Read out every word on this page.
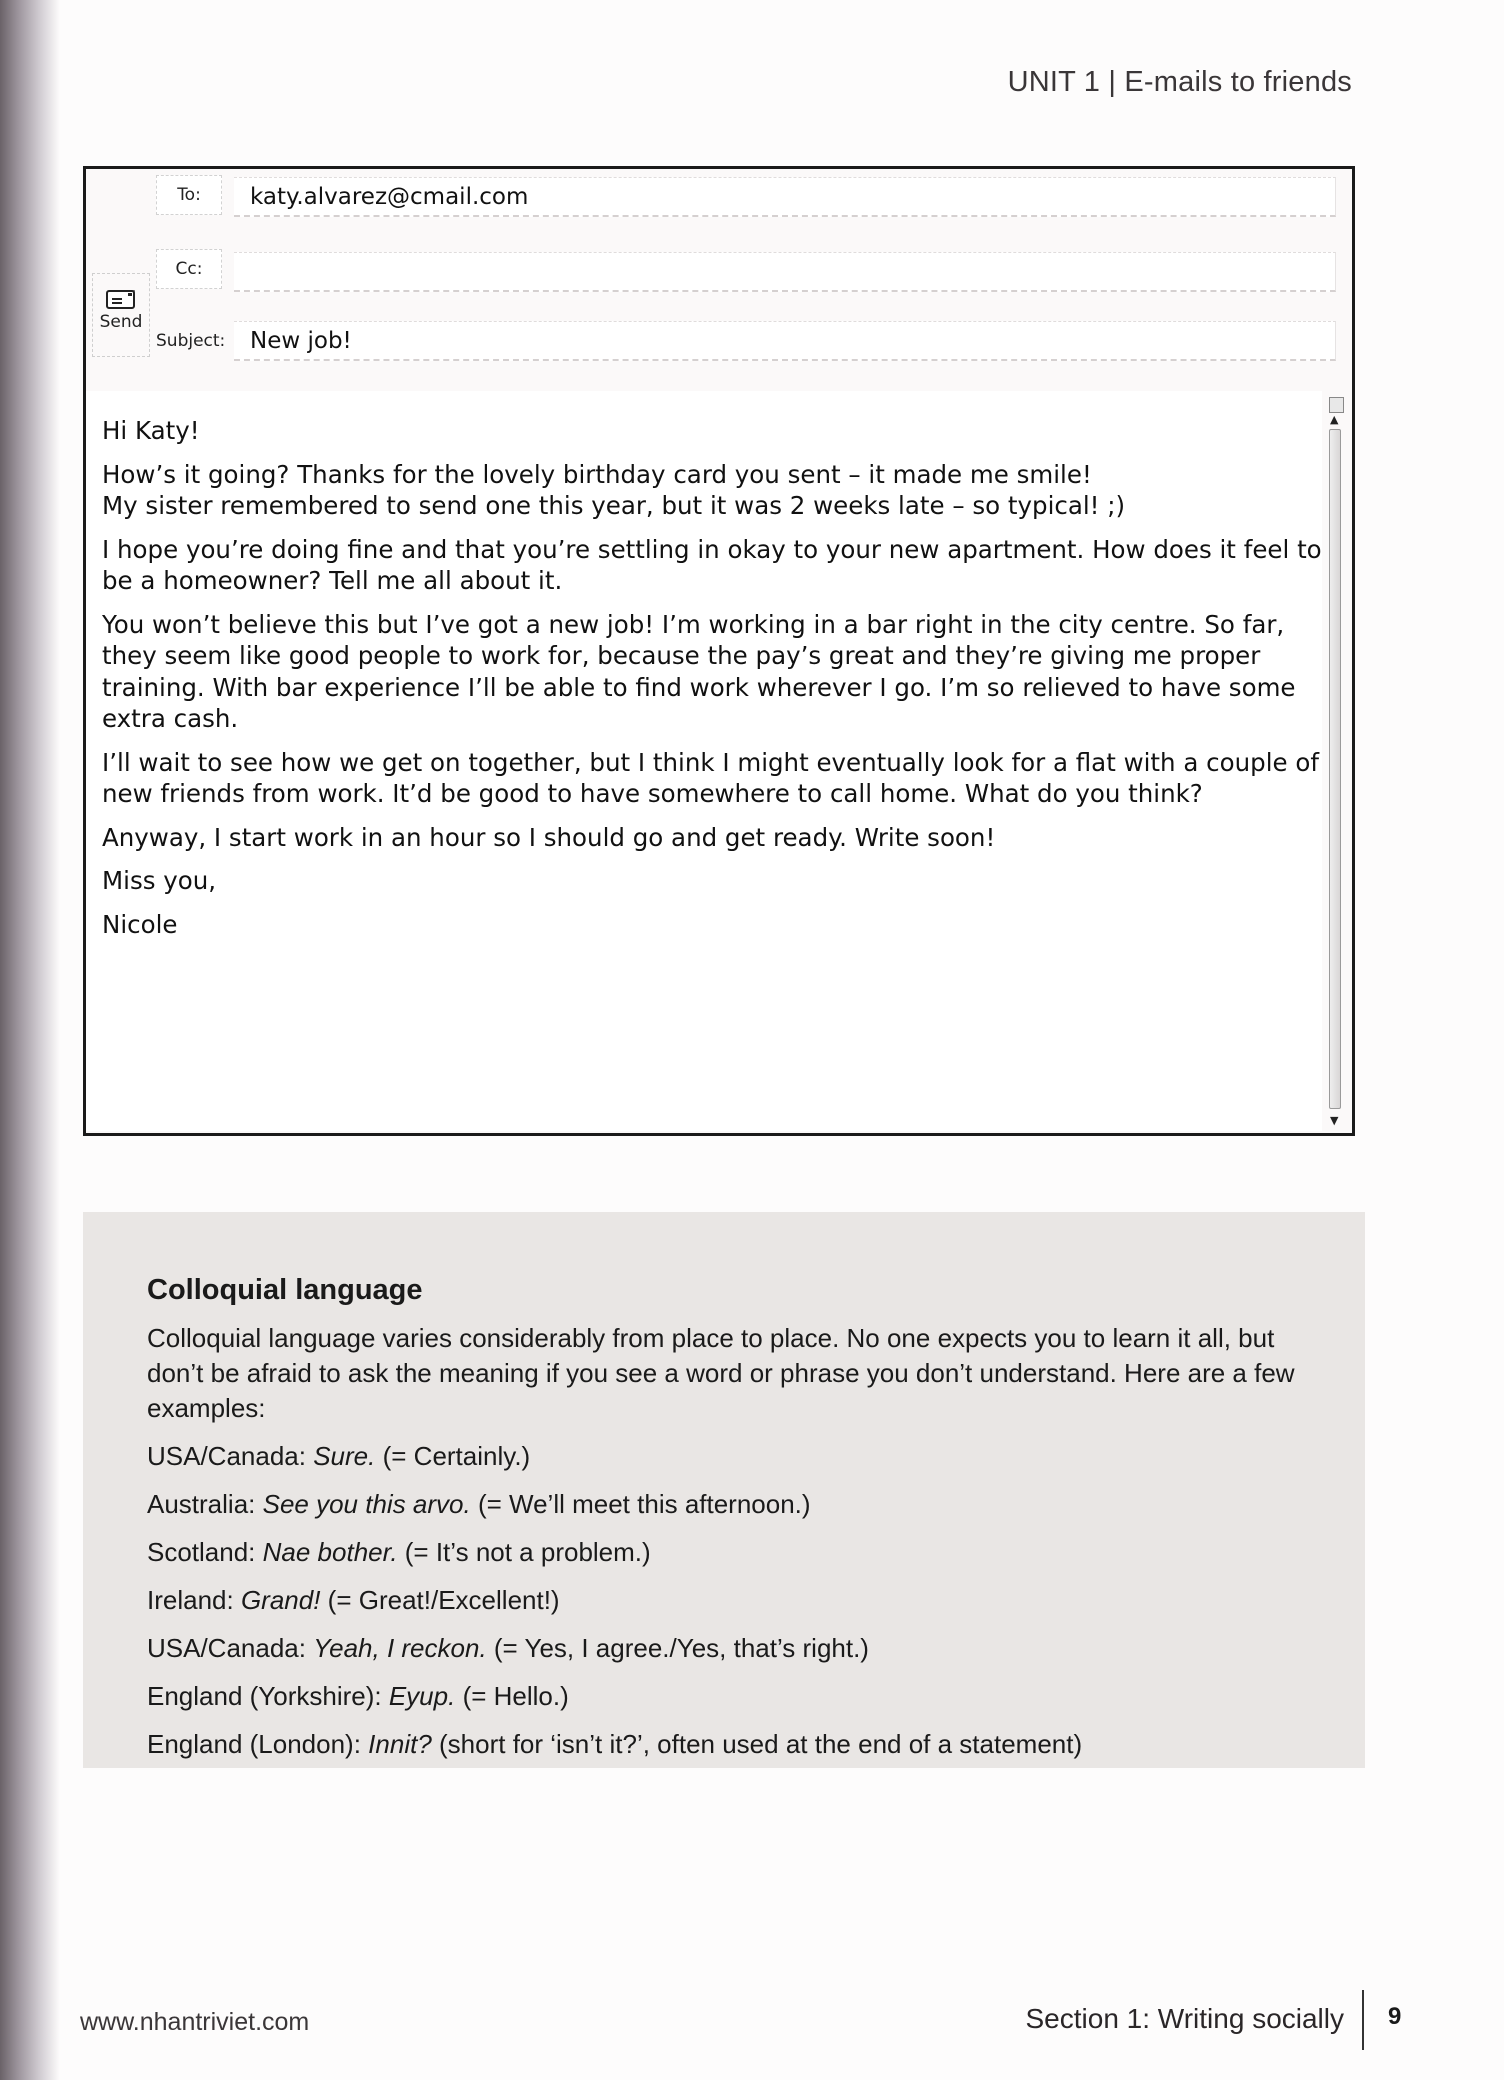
UNIT 1 | E-mails to friends
Send
To:	katy.alvarez@cmail.com
Cc:
Subject:	New job!

Hi Katy!

How’s it going? Thanks for the lovely birthday card you sent – it made me smile!
My sister remembered to send one this year, but it was 2 weeks late – so typical! ;)

I hope you’re doing fine and that you’re settling in okay to your new apartment. How does it feel to be a homeowner? Tell me all about it.

You won’t believe this but I’ve got a new job! I’m working in a bar right in the city centre. So far, they seem like good people to work for, because the pay’s great and they’re giving me proper training. With bar experience I’ll be able to find work wherever I go. I’m so relieved to have some extra cash.

I’ll wait to see how we get on together, but I think I might eventually look for a flat with a couple of new friends from work. It’d be good to have somewhere to call home. What do you think?

Anyway, I start work in an hour so I should go and get ready. Write soon!

Miss you,

Nicole

▲
▼
Colloquial language
Colloquial language varies considerably from place to place. No one expects you to learn it all, but don’t be afraid to ask the meaning if you see a word or phrase you don’t understand. Here are a few examples:
USA/Canada: Sure. (= Certainly.)
Australia: See you this arvo. (= We’ll meet this afternoon.)
Scotland: Nae bother. (= It’s not a problem.)
Ireland: Grand! (= Great!/Excellent!)
USA/Canada: Yeah, I reckon. (= Yes, I agree./Yes, that’s right.)
England (Yorkshire): Eyup. (= Hello.)
England (London): Innit? (short for ‘isn’t it?’, often used at the end of a statement)
www.nhantriviet.com	Section 1: Writing socially 9
